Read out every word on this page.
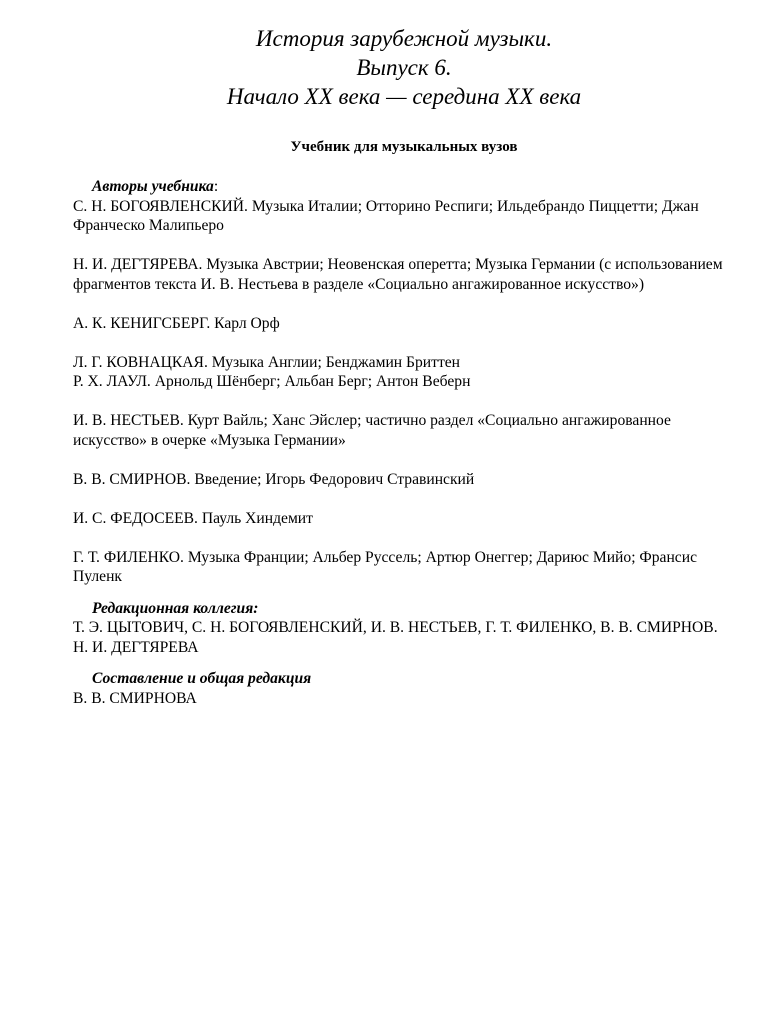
История зарубежной музыки.
Выпуск 6.
Начало XX века — середина XX века
Учебник для музыкальных вузов
Авторы учебника:

С. Н. БОГОЯВЛЕНСКИЙ. Музыка Италии; Отторино Респиги; Ильдебрандо Пиццетти; Джан Франческо Малипьеро

Н. И. ДЕГТЯРЕВА. Музыка Австрии; Неовенская оперетта; Музыка Германии (с использованием фрагментов текста И. В. Нестьева в разделе «Социально ангажированное искусство»)

А. К. КЕНИГСБЕРГ. Карл Орф

Л. Г. КОВНАЦКАЯ. Музыка Англии; Бенджамин Бриттен

Р. Х. ЛАУЛ. Арнольд Шёнберг; Альбан Берг; Антон Веберн

И. В. НЕСТЬЕВ. Курт Вайль; Ханс Эйслер; частично раздел «Социально ангажированное искусство» в очерке «Музыка Германии»

В. В. СМИРНОВ. Введение; Игорь Федорович Стравинский

И. С. ФЕДОСЕЕВ. Пауль Хиндемит

Г. Т. ФИЛЕНКО. Музыка Франции; Альбер Руссель; Артюр Онеггер; Дариюс Мийо; Франсис Пуленк

Редакционная коллегия:

Т. Э. ЦЫТОВИЧ, С. Н. БОГОЯВЛЕНСКИЙ, И. В. НЕСТЬЕВ, Г. Т. ФИЛЕНКО, В. В. СМИРНОВ. Н. И. ДЕГТЯРЕВА

Составление и общая редакция

В. В. СМИРНОВА
